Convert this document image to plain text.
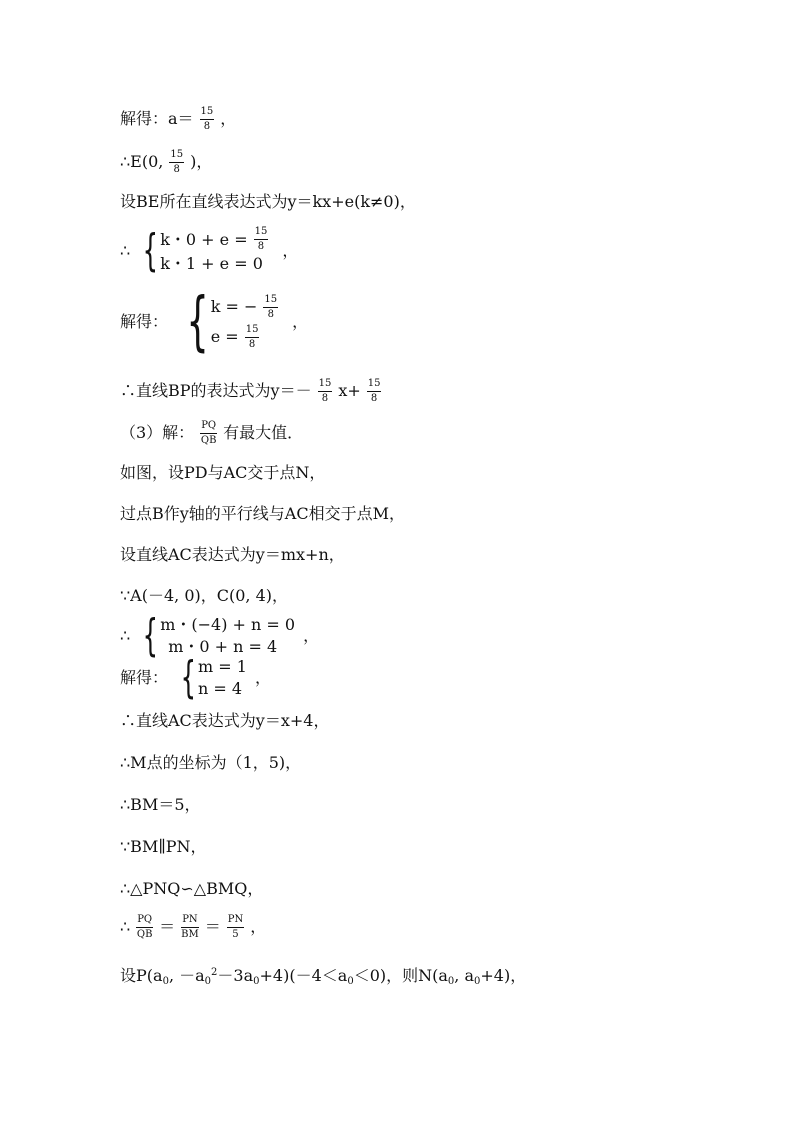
解得：$a= \frac{15}{8}$ ，
∴E(0, $\frac{15}{8}$ )，
设BE所在直线表达式为y＝kx+e(k≠0)，
∴ { k・$0 + e = \frac{15}{8}$
k・1 + e = 0
，
解得： { k = − $\frac{15}{8}$
$e = \frac{15}{8}$
，
∴直线BP的表达式为$y=- \frac{15}{8} x+ \frac{15}{8}$
（3）解： $\frac{PQ}{QB}$ 有最大值．
如图，设PD与AC交于点N，
过点B作y轴的平行线与AC相交于点M，
设直线AC表达式为y＝mx+n，
∵A(－4, 0)，C(0, 4)，
∴ { m・(−4) + n = 0
m・0 + n = 4
，
解得： { m = 1
n = 4
，
∴直线AC表达式为y＝x+4，
∴M点的坐标为（1，5)，
∴BM＝5，
∵BM∥PN，
∴△PNQ∽△BMQ，
∴ $\frac{PQ}{QB} = \frac{PN}{BM} = \frac{PN}{5}$ ，
设$P(a_0$, $-a_0^2-3a_0+4)(-4<a_0<0)$，则$N(a_0$, $a_0+4$)，
